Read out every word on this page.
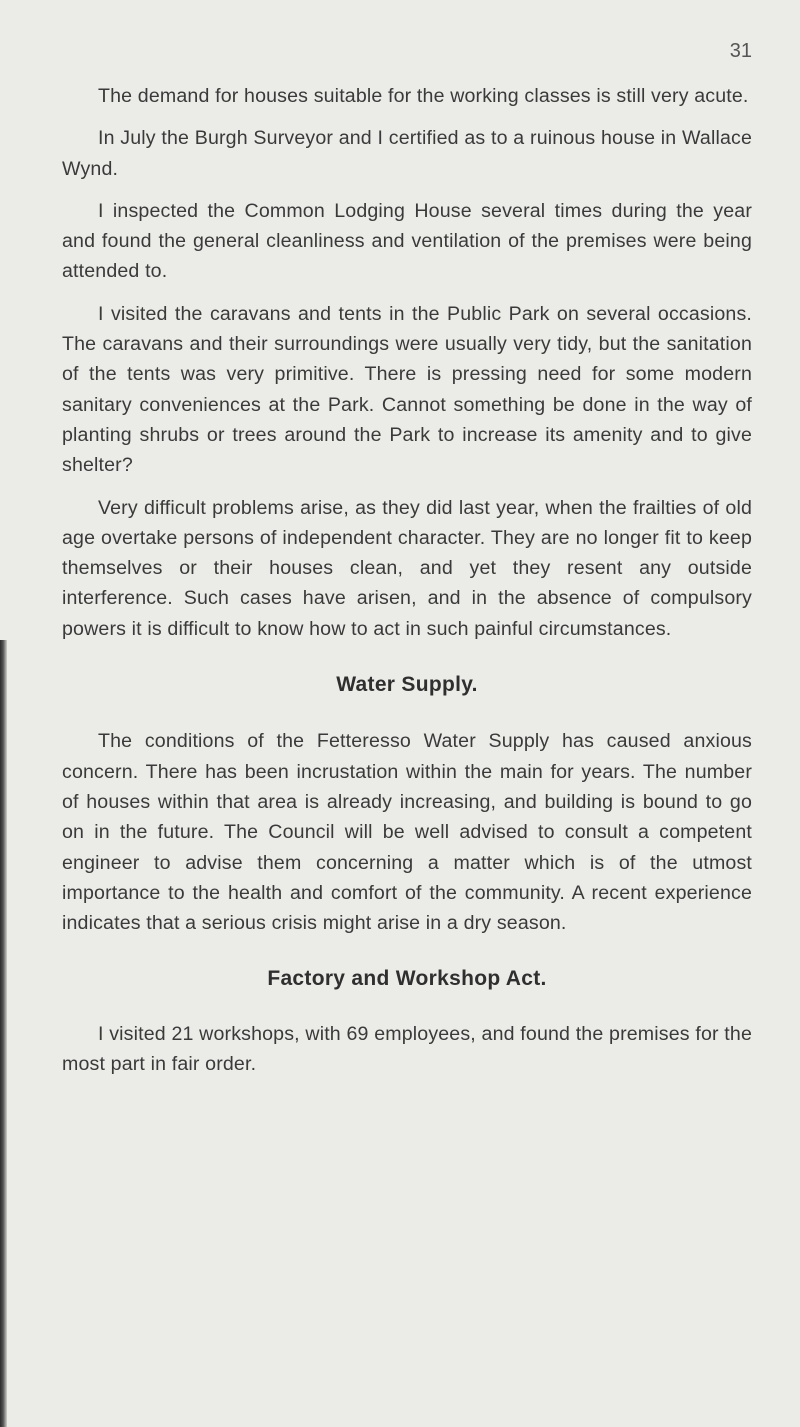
31

The demand for houses suitable for the working classes is still very acute.

In July the Burgh Surveyor and I certified as to a ruinous house in Wallace Wynd.

I inspected the Common Lodging House several times during the year and found the general cleanliness and ventilation of the premises were being attended to.

I visited the caravans and tents in the Public Park on several occasions. The caravans and their surroundings were usually very tidy, but the sanitation of the tents was very primitive. There is pressing need for some modern sanitary conveniences at the Park. Cannot something be done in the way of planting shrubs or trees around the Park to increase its amenity and to give shelter?

Very difficult problems arise, as they did last year, when the frailties of old age overtake persons of independent character. They are no longer fit to keep themselves or their houses clean, and yet they resent any outside interference. Such cases have arisen, and in the absence of compulsory powers it is difficult to know how to act in such painful circumstances.

Water Supply.

The conditions of the Fetteresso Water Supply has caused anxious concern. There has been incrustation within the main for years. The number of houses within that area is already increasing, and building is bound to go on in the future. The Council will be well advised to consult a competent engineer to advise them concerning a matter which is of the utmost importance to the health and comfort of the community. A recent experience indicates that a serious crisis might arise in a dry season.

Factory and Workshop Act.

I visited 21 workshops, with 69 employees, and found the premises for the most part in fair order.
